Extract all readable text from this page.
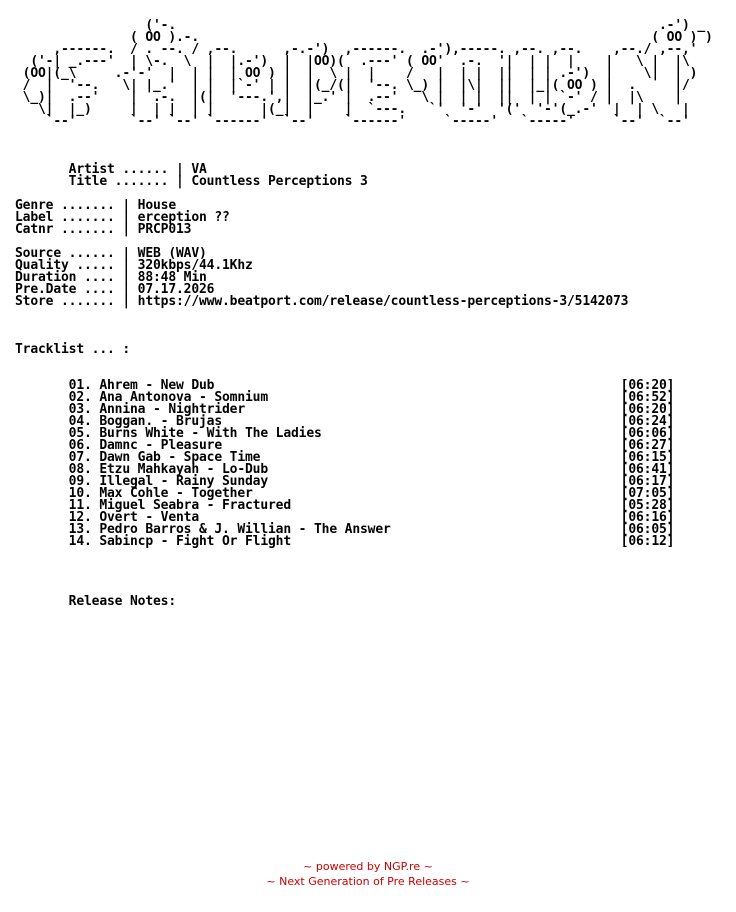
('-.                                                               .-') _
( OO ).-.                                                           ( OO ) )
,------.  / . --. / ,--.      ,-.-')  ,------.  .-'),-----. ,--. ,--.    ,--./ ,--,'
('-| _.---'  | \-.  \  |  |.-')  |  |OO)(  .---' ( OO'  .-.  '|  | |  |    |   \ |  |\
(OO|(_\     .-'-'  |  | |  | OO ) |  |  \ |  |    /   |  | |  ||  | | .-')  |    \|  | )
/  |  '--.   \| |_.'  | |  |`-' | |  |(_/(|  '--. \_) |  |\|  ||  |_|( OO ) |  .     |/
\_)|  .--'    |  .-.  |(|  '---.',|  |_.' |  .--'   \ |  | |  ||  | | `-' / |  |\    |
\|  |_)     |  | |  | |      |(_|  |    |  `---.   `'  '-'  '('  '-'(_.-'  |  | \   |
`--'       `--' `--' `------'  `--'    `------'     `-----'   `-----'     `--'  `--'

Artist ...... | VA
Title ....... | Countless Perceptions 3

Genre ....... | House
Label ....... | erception ??
Catnr ....... | PRCP013

Source ...... | WEB (WAV)
Quality ..... | 320kbps/44.1Khz
Duration .... | 88:48 Min
Pre.Date .... | 07.17.2026
Store ....... | https://www.beatport.com/release/countless-perceptions-3/5142073

Tracklist ... :

01. Ahrem - New Dub                                                     [06:20]
02. Ana Antonova - Somnium                                              [06:52]
03. Annina - Nightrider                                                 [06:20]
04. Boggan. - Brujas                                                    [06:24]
05. Burns White - With The Ladies                                       [06:06]
06. Damnc - Pleasure                                                    [06:27]
07. Dawn Gab - Space Time                                               [06:15]
08. Etzu Mahkayah - Lo-Dub                                              [06:41]
09. Illegal - Rainy Sunday                                              [06:17]
10. Max Cohle - Together                                                [07:05]
11. Miguel Seabra - Fractured                                           [05:28]
12. Overt - Venta                                                       [06:16]
13. Pedro Barros & J. Willian - The Answer                              [06:05]
14. Sabincp - Fight Or Flight                                           [06:12]

Release Notes:
~ powered by NGP.re ~
~ Next Generation of Pre Releases ~
